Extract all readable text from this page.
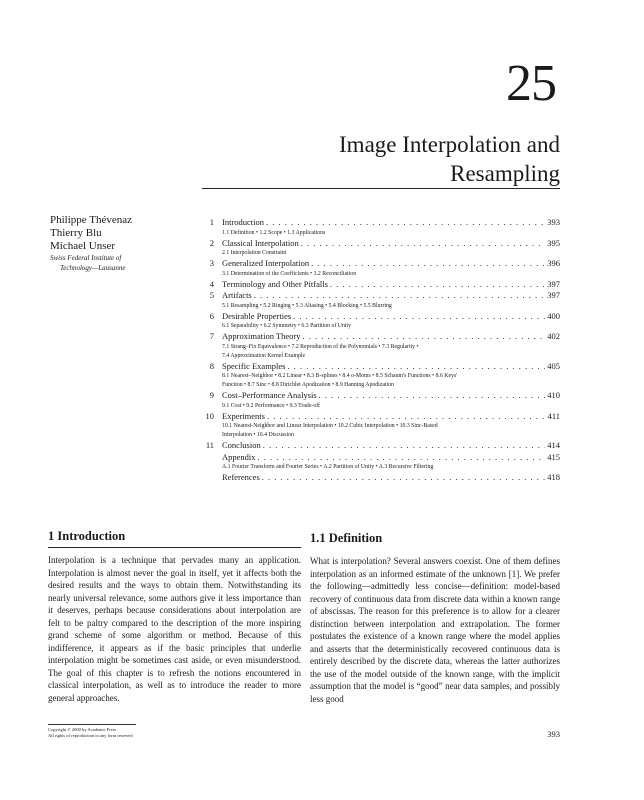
25
Image Interpolation and
Resampling
Philippe Thévenaz
Thierry Blu
Michael Unser
Swiss Federal Institute of
Technology—Lausanne
1 Introduction . . .	393
1.1 Definition • 1.2 Scope • 1.3 Applications
2 Classical Interpolation . . .	395
2.1 Interpolation Constraint
3 Generalized Interpolation . . .	396
3.1 Determination of the Coefficients • 3.2 Reconciliation
4 Terminology and Other Pitfalls . . .	397
5 Artifacts . . .	397
5.1 Resampling • 5.2 Ringing • 5.3 Aliasing • 5.4 Blocking • 5.5 Blurring
6 Desirable Properties . . .	400
6.1 Separability • 6.2 Symmetry • 6.3 Partition of Unity
7 Approximation Theory . . .	402
7.1 Strang–Fix Equivalence • 7.2 Reproduction of the Polynomials • 7.3 Regularity •
7.4 Approximation Kernel Example
8 Specific Examples . . .	405
8.1 Nearest–Neighbor • 8.2 Linear • 8.3 B-splines • 8.4 o-Moms • 8.5 Schaum's Functions • 8.6 Keys'
Function • 8.7 Sinc • 8.8 Dirichlet Apodization • 8.9 Hanning Apodization
9 Cost–Performance Analysis . . .	410
9.1 Cost • 9.2 Performance • 9.3 Trade-off
10 Experiments . . .	411
10.1 Nearest-Neighbor and Linear Interpolation • 10.2 Cubic Interpolation • 10.3 Sinc-Based
Interpolation • 10.4 Discussion
11 Conclusion . . .	414
Appendix . . .	415
A.1 Fourier Transform and Fourier Series • A.2 Partition of Unity • A.3 Recursive Filtering
References . . .	418
1 Introduction

Interpolation is a technique that pervades many an application. Interpolation is almost never the goal in itself, yet it affects both the desired results and the ways to obtain them. Notwithstanding its nearly universal relevance, some authors give it less importance than it deserves, perhaps because considerations about interpolation are felt to be paltry compared to the description of the more inspiring grand scheme of some algorithm or method. Because of this indifference, it appears as if the basic principles that underlie interpolation might be sometimes cast aside, or even misunderstood. The goal of this chapter is to refresh the notions encountered in classical interpolation, as well as to introduce the reader to more general approaches.

1.1 Definition

What is interpolation? Several answers coexist. One of them defines interpolation as an informed estimate of the unknown [1]. We prefer the following—admittedly less concise—definition: model-based recovery of continuous data from discrete data within a known range of abscissas. The reason for this preference is to allow for a clearer distinction between interpolation and extrapolation. The former postulates the existence of a known range where the model applies and asserts that the deterministically recovered continuous data is entirely described by the discrete data, whereas the latter authorizes the use of the model outside of the known range, with the implicit assumption that the model is “good” near data samples, and possibly less good

Copyright © 2000 by Academic Press
All rights of reproduction in any form reserved	393
